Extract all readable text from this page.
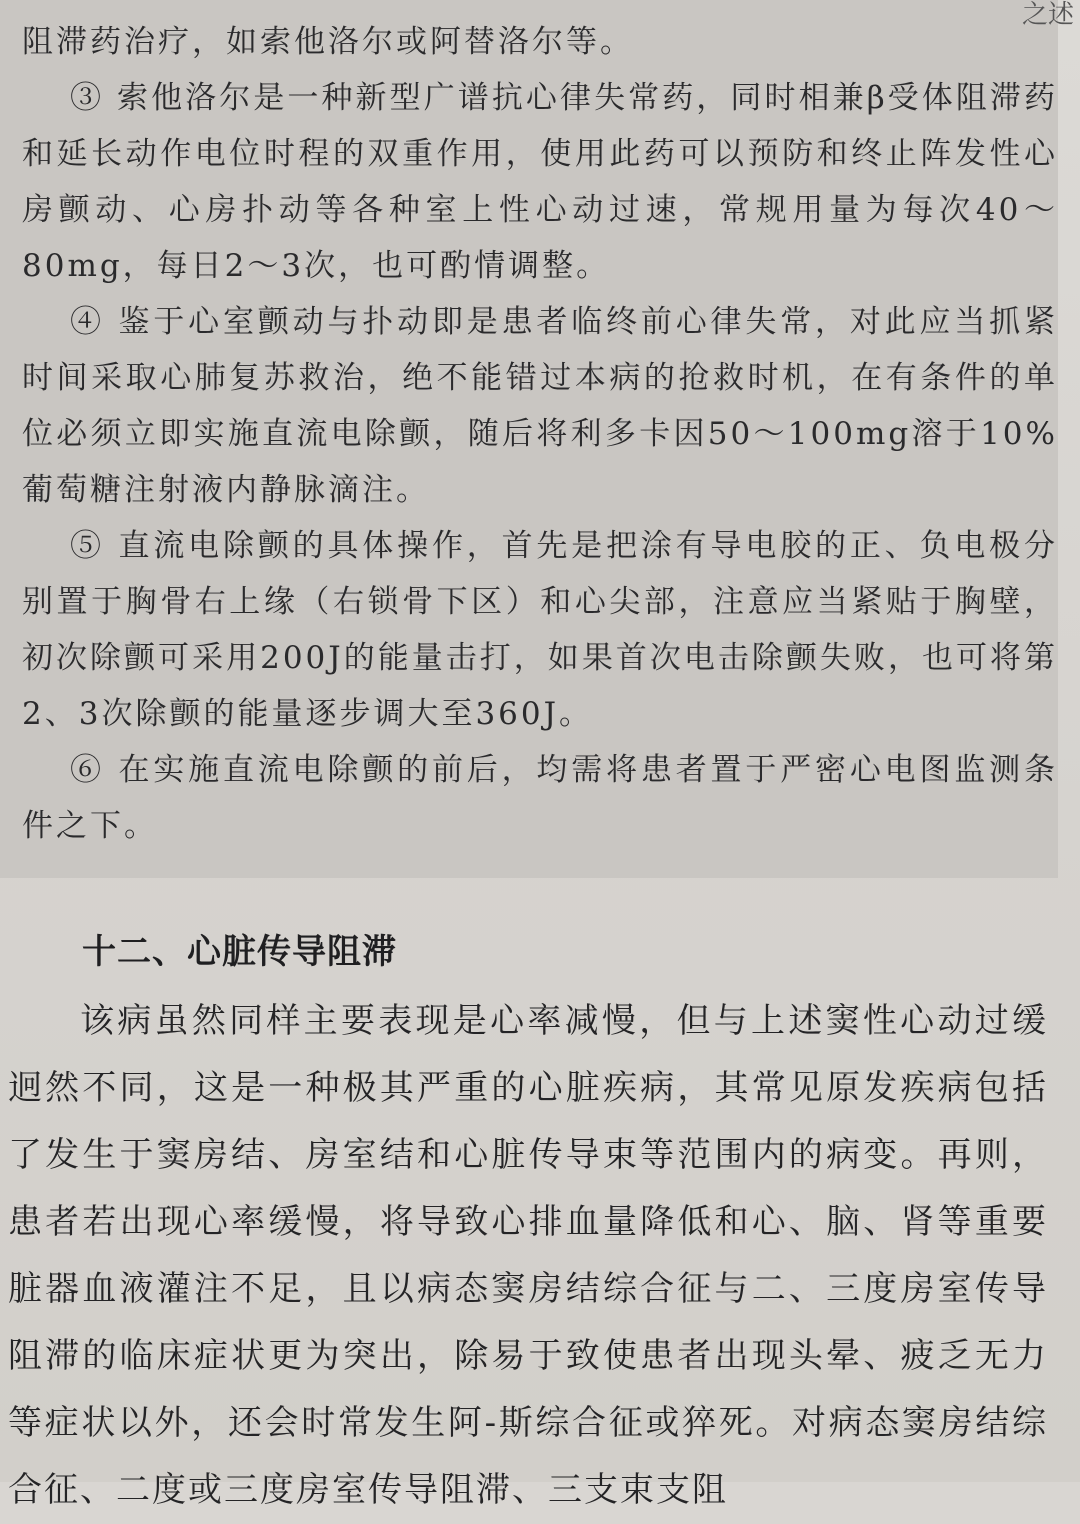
之述

阻滞药治疗，如索他洛尔或阿替洛尔等。

③ 索他洛尔是一种新型广谱抗心律失常药，同时相兼β受体阻滞药和延长动作电位时程的双重作用，使用此药可以预防和终止阵发性心房颤动、心房扑动等各种室上性心动过速，常规用量为每次40～80mg，每日2～3次，也可酌情调整。

④ 鉴于心室颤动与扑动即是患者临终前心律失常，对此应当抓紧时间采取心肺复苏救治，绝不能错过本病的抢救时机，在有条件的单位必须立即实施直流电除颤，随后将利多卡因50～100mg溶于10%葡萄糖注射液内静脉滴注。

⑤ 直流电除颤的具体操作，首先是把涂有导电胶的正、负电极分别置于胸骨右上缘（右锁骨下区）和心尖部，注意应当紧贴于胸壁，初次除颤可采用200J的能量击打，如果首次电击除颤失败，也可将第2、3次除颤的能量逐步调大至360J。

⑥ 在实施直流电除颤的前后，均需将患者置于严密心电图监测条件之下。

十二、心脏传导阻滞

该病虽然同样主要表现是心率减慢，但与上述窦性心动过缓迥然不同，这是一种极其严重的心脏疾病，其常见原发疾病包括了发生于窦房结、房室结和心脏传导束等范围内的病变。再则，患者若出现心率缓慢，将导致心排血量降低和心、脑、肾等重要脏器血液灌注不足，且以病态窦房结综合征与二、三度房室传导阻滞的临床症状更为突出，除易于致使患者出现头晕、疲乏无力等症状以外，还会时常发生阿-斯综合征或猝死。对病态窦房结综合征、二度或三度房室传导阻滞、三支束支阻
